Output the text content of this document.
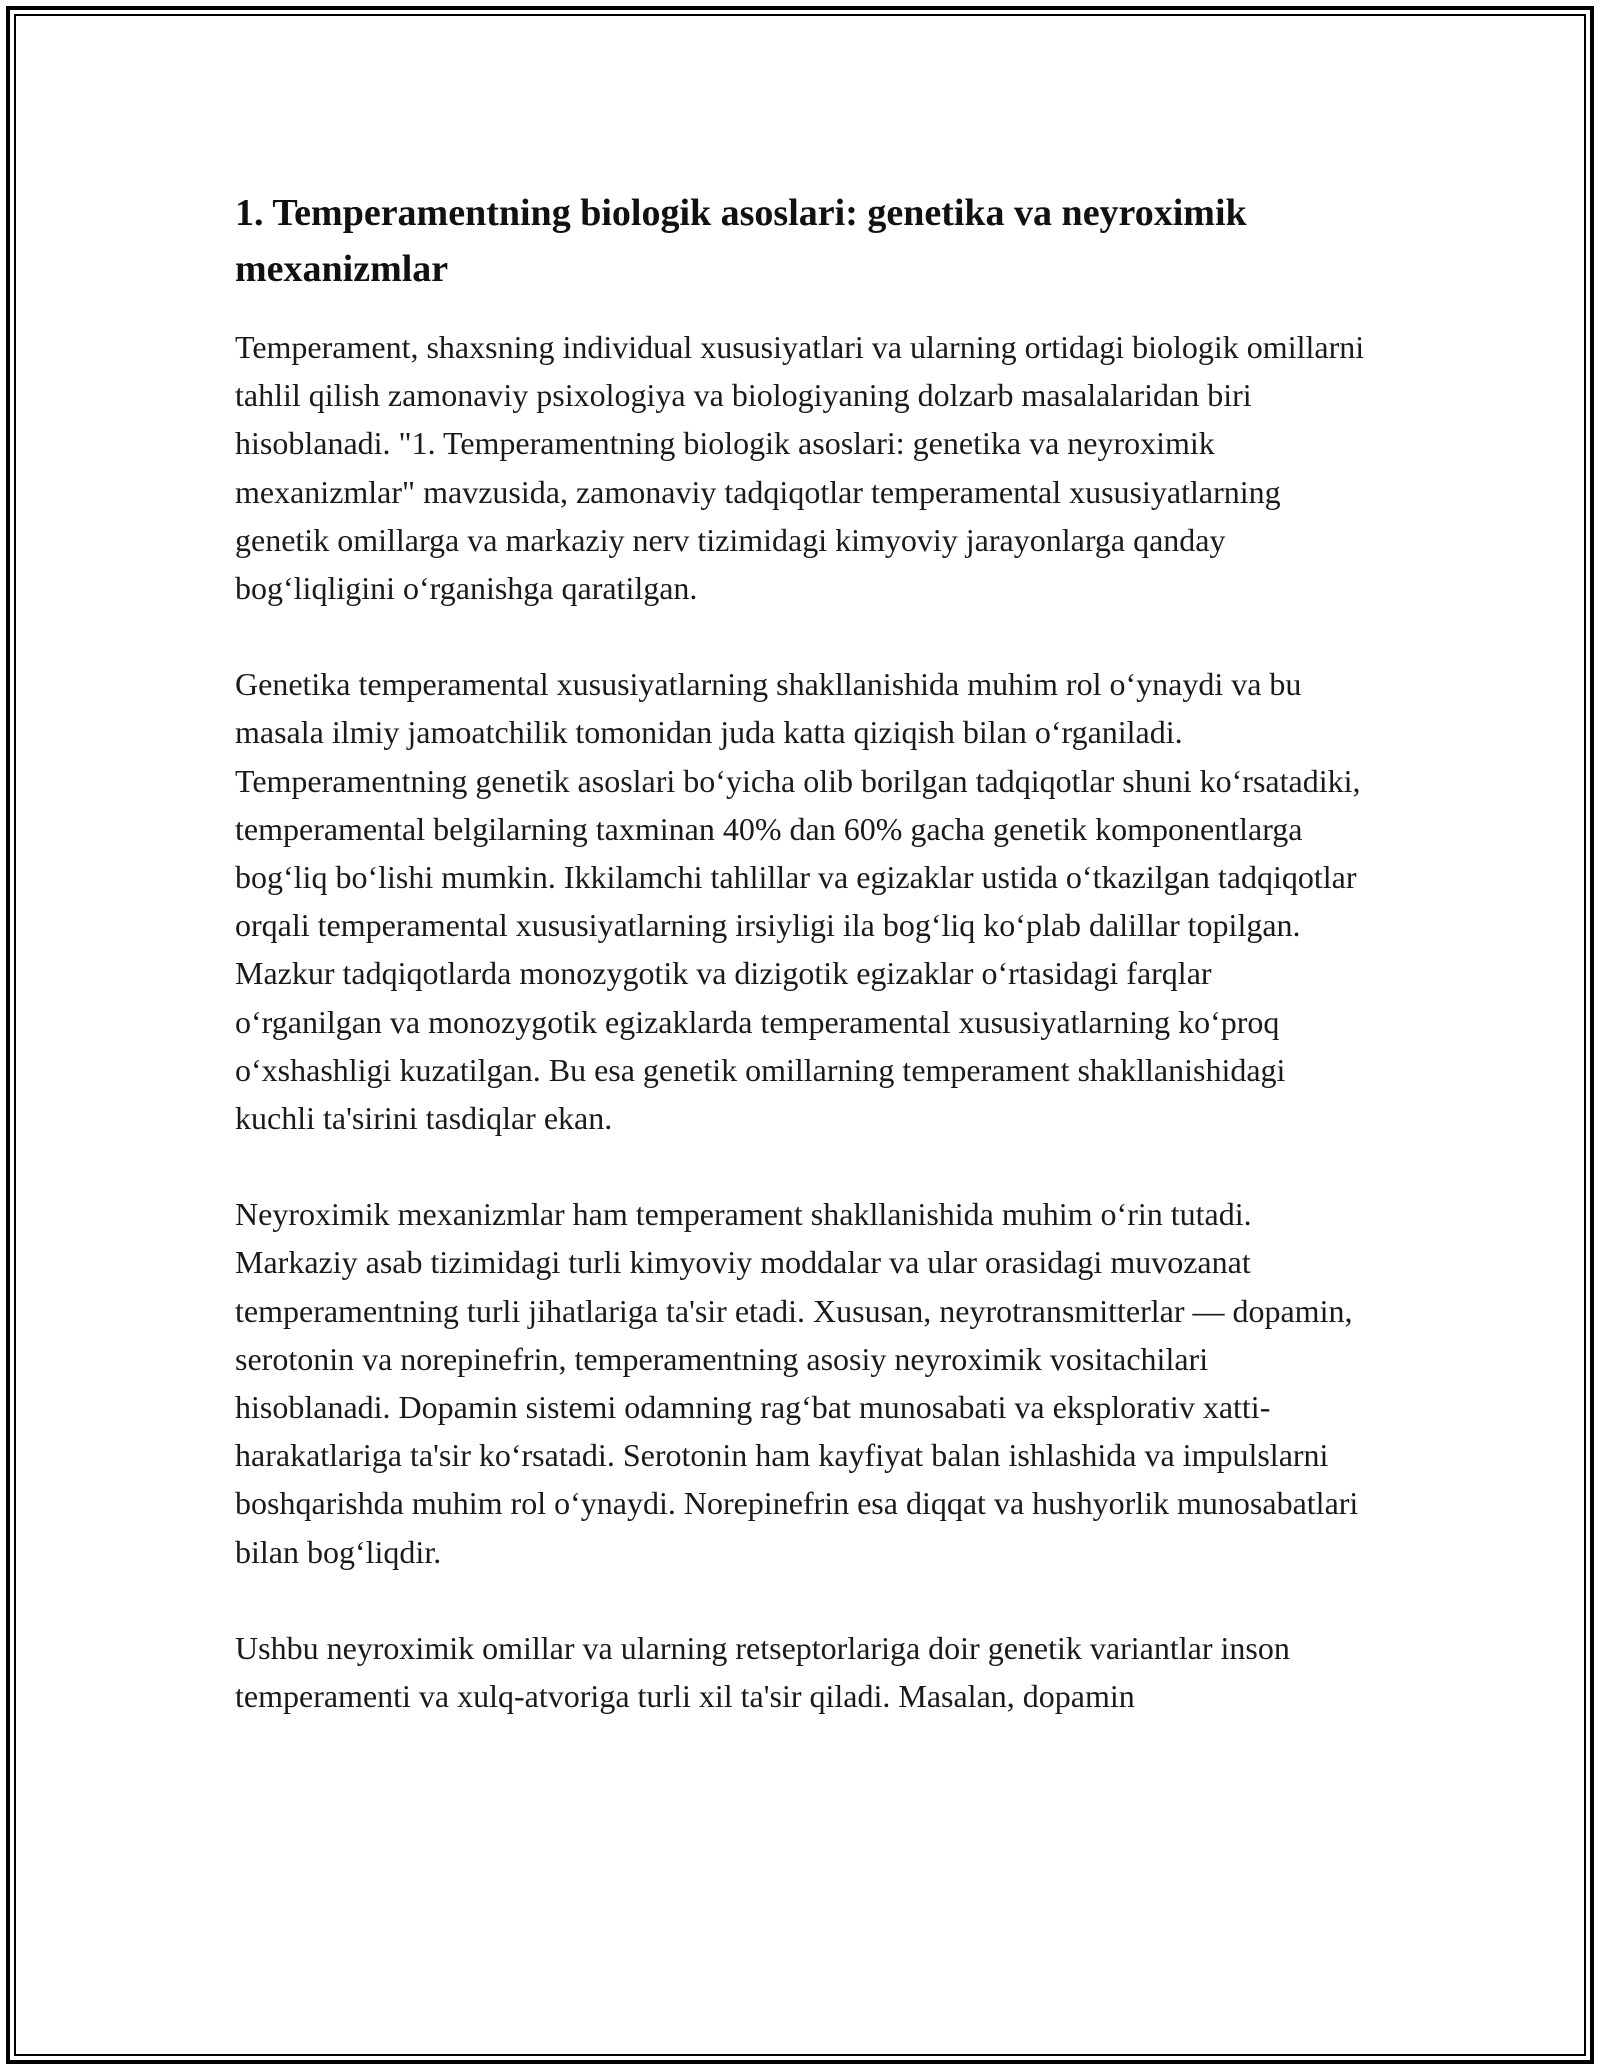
1. Temperamentning biologik asoslari: genetika va neyroximik mexanizmlar

Temperament, shaxsning individual xususiyatlari va ularning ortidagi biologik omillarni tahlil qilish zamonaviy psixologiya va biologiyaning dolzarb masalalaridan biri hisoblanadi. "1. Temperamentning biologik asoslari: genetika va neyroximik mexanizmlar" mavzusida, zamonaviy tadqiqotlar temperamental xususiyatlarning genetik omillarga va markaziy nerv tizimidagi kimyoviy jarayonlarga qanday bog‘liqligini o‘rganishga qaratilgan.

Genetika temperamental xususiyatlarning shakllanishida muhim rol o‘ynaydi va bu masala ilmiy jamoatchilik tomonidan juda katta qiziqish bilan o‘rganiladi. Temperamentning genetik asoslari bo‘yicha olib borilgan tadqiqotlar shuni ko‘rsatadiki, temperamental belgilarning taxminan 40% dan 60% gacha genetik komponentlarga bog‘liq bo‘lishi mumkin. Ikkilamchi tahlillar va egizaklar ustida o‘tkazilgan tadqiqotlar orqali temperamental xususiyatlarning irsiyligi ila bog‘liq ko‘plab dalillar topilgan. Mazkur tadqiqotlarda monozygotik va dizigotik egizaklar o‘rtasidagi farqlar o‘rganilgan va monozygotik egizaklarda temperamental xususiyatlarning ko‘proq o‘xshashligi kuzatilgan. Bu esa genetik omillarning temperament shakllanishidagi kuchli ta'sirini tasdiqlar ekan.

Neyroximik mexanizmlar ham temperament shakllanishida muhim o‘rin tutadi. Markaziy asab tizimidagi turli kimyoviy moddalar va ular orasidagi muvozanat temperamentning turli jihatlariga ta'sir etadi. Xususan, neyrotransmitterlar — dopamin, serotonin va norepinefrin, temperamentning asosiy neyroximik vositachilari hisoblanadi. Dopamin sistemi odamning rag‘bat munosabati va eksplorativ xatti-harakatlariga ta'sir ko‘rsatadi. Serotonin ham kayfiyat balan ishlashida va impulslarni boshqarishda muhim rol o‘ynaydi. Norepinefrin esa diqqat va hushyorlik munosabatlari bilan bog‘liqdir.

Ushbu neyroximik omillar va ularning retseptorlariga doir genetik variantlar inson temperamenti va xulq-atvoriga turli xil ta'sir qiladi. Masalan, dopamin
